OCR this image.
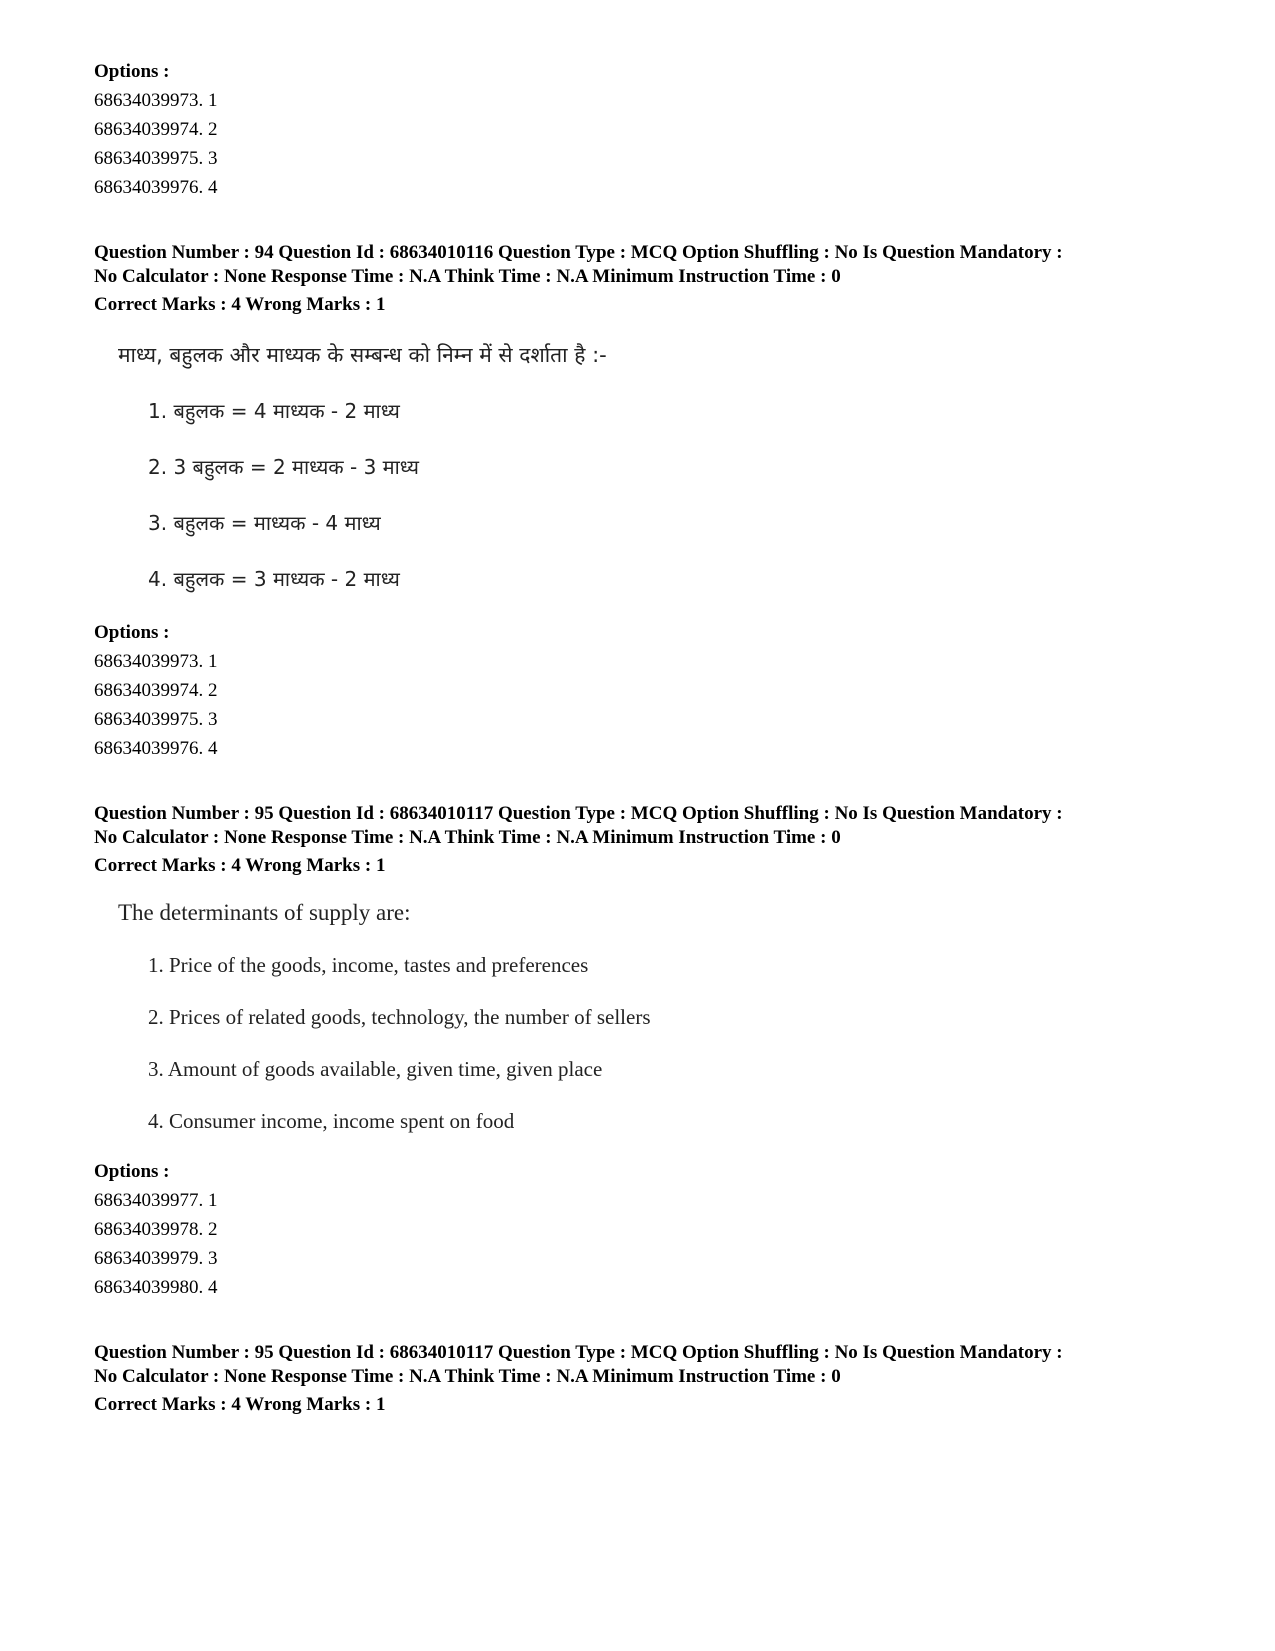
Options :
68634039973. 1
68634039974. 2
68634039975. 3
68634039976. 4
Question Number : 94 Question Id : 68634010116 Question Type : MCQ Option Shuffling : No Is Question Mandatory :
No Calculator : None Response Time : N.A Think Time : N.A Minimum Instruction Time : 0
Correct Marks : 4 Wrong Marks : 1
माध्य, बहुलक और माध्यक के सम्बन्ध को निम्न में से दर्शाता है :-
1. बहुलक = 4 माध्यक - 2 माध्य
2. 3 बहुलक = 2 माध्यक - 3 माध्य
3. बहुलक = माध्यक - 4 माध्य
4. बहुलक = 3 माध्यक - 2 माध्य
Options :
68634039973. 1
68634039974. 2
68634039975. 3
68634039976. 4
Question Number : 95 Question Id : 68634010117 Question Type : MCQ Option Shuffling : No Is Question Mandatory :
No Calculator : None Response Time : N.A Think Time : N.A Minimum Instruction Time : 0
Correct Marks : 4 Wrong Marks : 1
The determinants of supply are:
1. Price of the goods, income, tastes and preferences
2. Prices of related goods, technology, the number of sellers
3. Amount of goods available, given time, given place
4. Consumer income, income spent on food
Options :
68634039977. 1
68634039978. 2
68634039979. 3
68634039980. 4
Question Number : 95 Question Id : 68634010117 Question Type : MCQ Option Shuffling : No Is Question Mandatory :
No Calculator : None Response Time : N.A Think Time : N.A Minimum Instruction Time : 0
Correct Marks : 4 Wrong Marks : 1
